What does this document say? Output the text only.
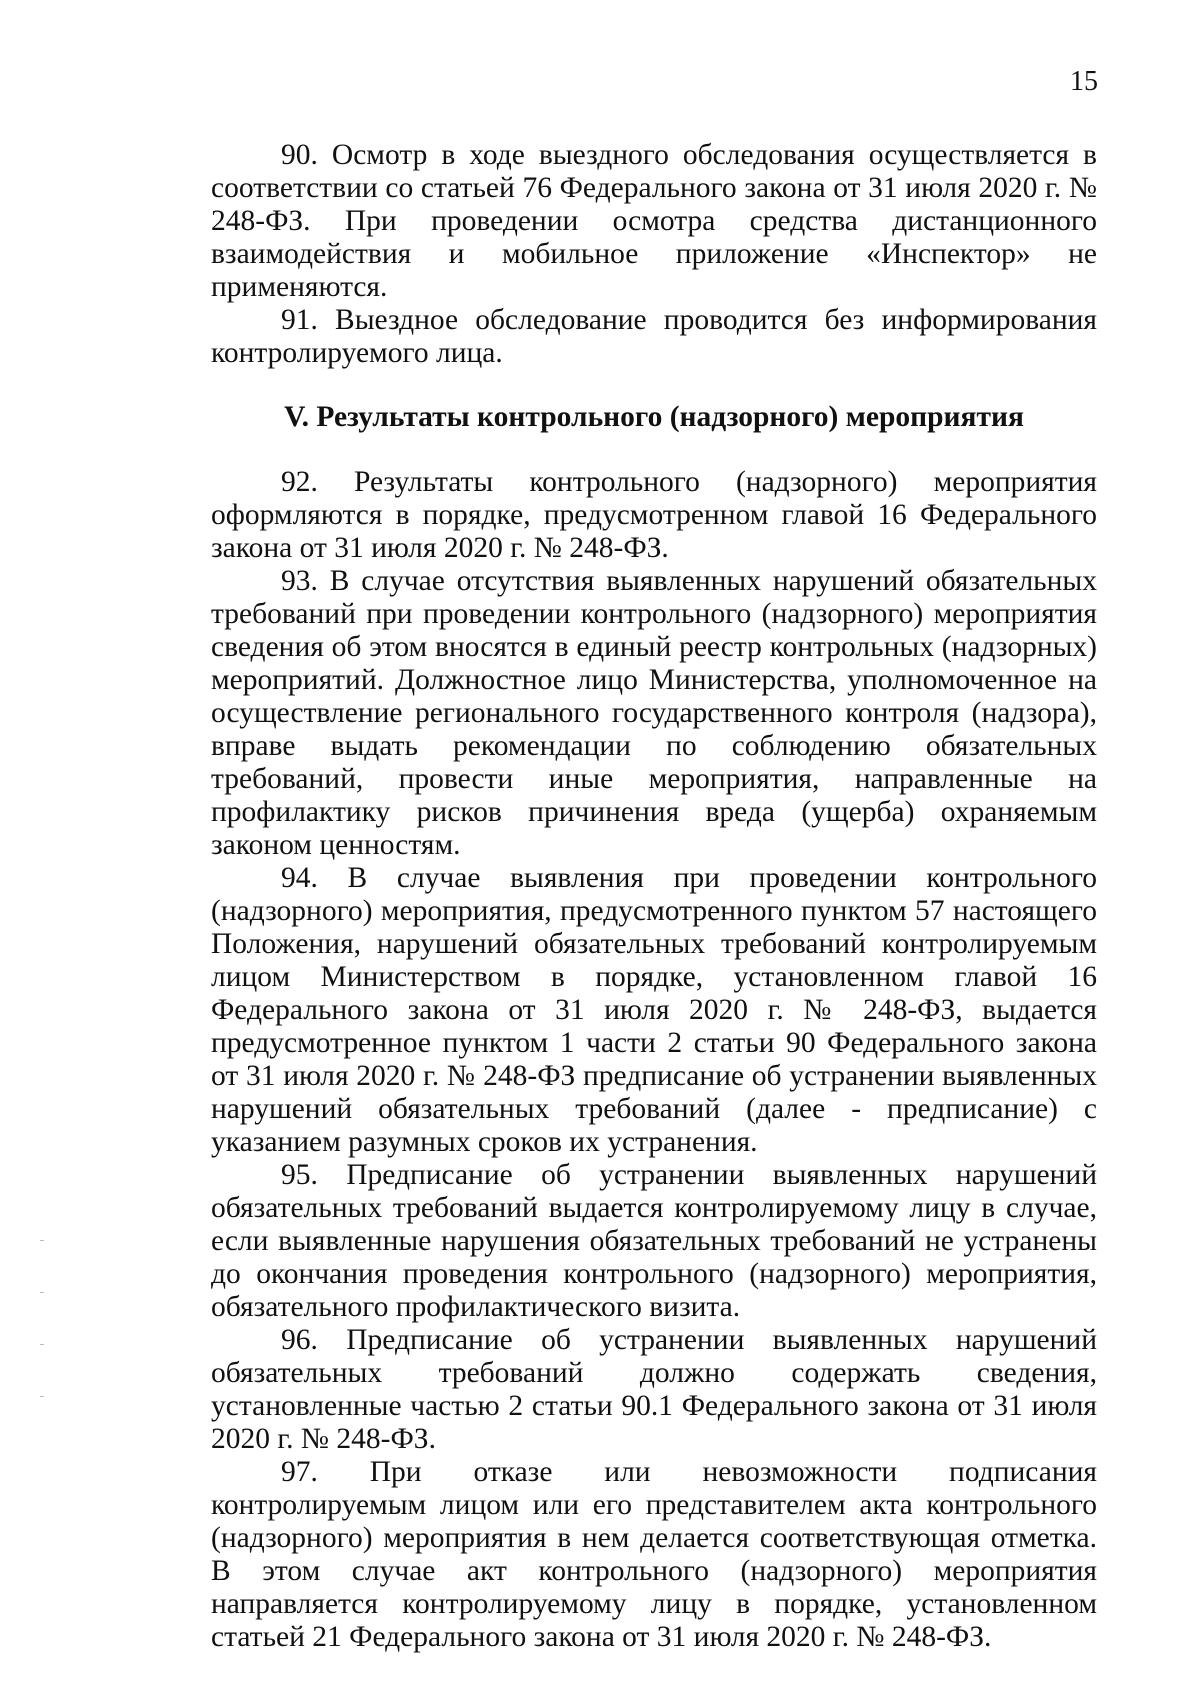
15

90. Осмотр в ходе выездного обследования осуществляется в соответствии со статьей 76 Федерального закона от 31 июля 2020 г. № 248-ФЗ. При проведении осмотра средства дистанционного взаимодействия и мобильное приложение «Инспектор» не применяются.

91. Выездное обследование проводится без информирования контролируемого лица.

V. Результаты контрольного (надзорного) мероприятия

92. Результаты контрольного (надзорного) мероприятия оформляются в порядке, предусмотренном главой 16 Федерального закона от 31 июля 2020 г. № 248-ФЗ.

93. В случае отсутствия выявленных нарушений обязательных требований при проведении контрольного (надзорного) мероприятия сведения об этом вносятся в единый реестр контрольных (надзорных) мероприятий. Должностное лицо Министерства, уполномоченное на осуществление регионального государственного контроля (надзора), вправе выдать рекомендации по соблюдению обязательных требований, провести иные мероприятия, направленные на профилактику рисков причинения вреда (ущерба) охраняемым законом ценностям.

94. В случае выявления при проведении контрольного (надзорного) мероприятия, предусмотренного пунктом 57 настоящего Положения, нарушений обязательных требований контролируемым лицом Министерством в порядке, установленном главой 16 Федерального закона от 31 июля 2020 г. № 248-ФЗ, выдается предусмотренное пунктом 1 части 2 статьи 90 Федерального закона от 31 июля 2020 г. № 248-ФЗ предписание об устранении выявленных нарушений обязательных требований (далее - предписание) с указанием разумных сроков их устранения.

95. Предписание об устранении выявленных нарушений обязательных требований выдается контролируемому лицу в случае, если выявленные нарушения обязательных требований не устранены до окончания проведения контрольного (надзорного) мероприятия, обязательного профилактического визита.

96. Предписание об устранении выявленных нарушений обязательных требований должно содержать сведения, установленные частью 2 статьи 90.1 Федерального закона от 31 июля 2020 г. № 248-ФЗ.

97. При отказе или невозможности подписания контролируемым лицом или его представителем акта контрольного (надзорного) мероприятия в нем делается соответствующая отметка. В этом случае акт контрольного (надзорного) мероприятия направляется контролируемому лицу в порядке, установленном статьей 21 Федерального закона от 31 июля 2020 г. № 248-ФЗ.
